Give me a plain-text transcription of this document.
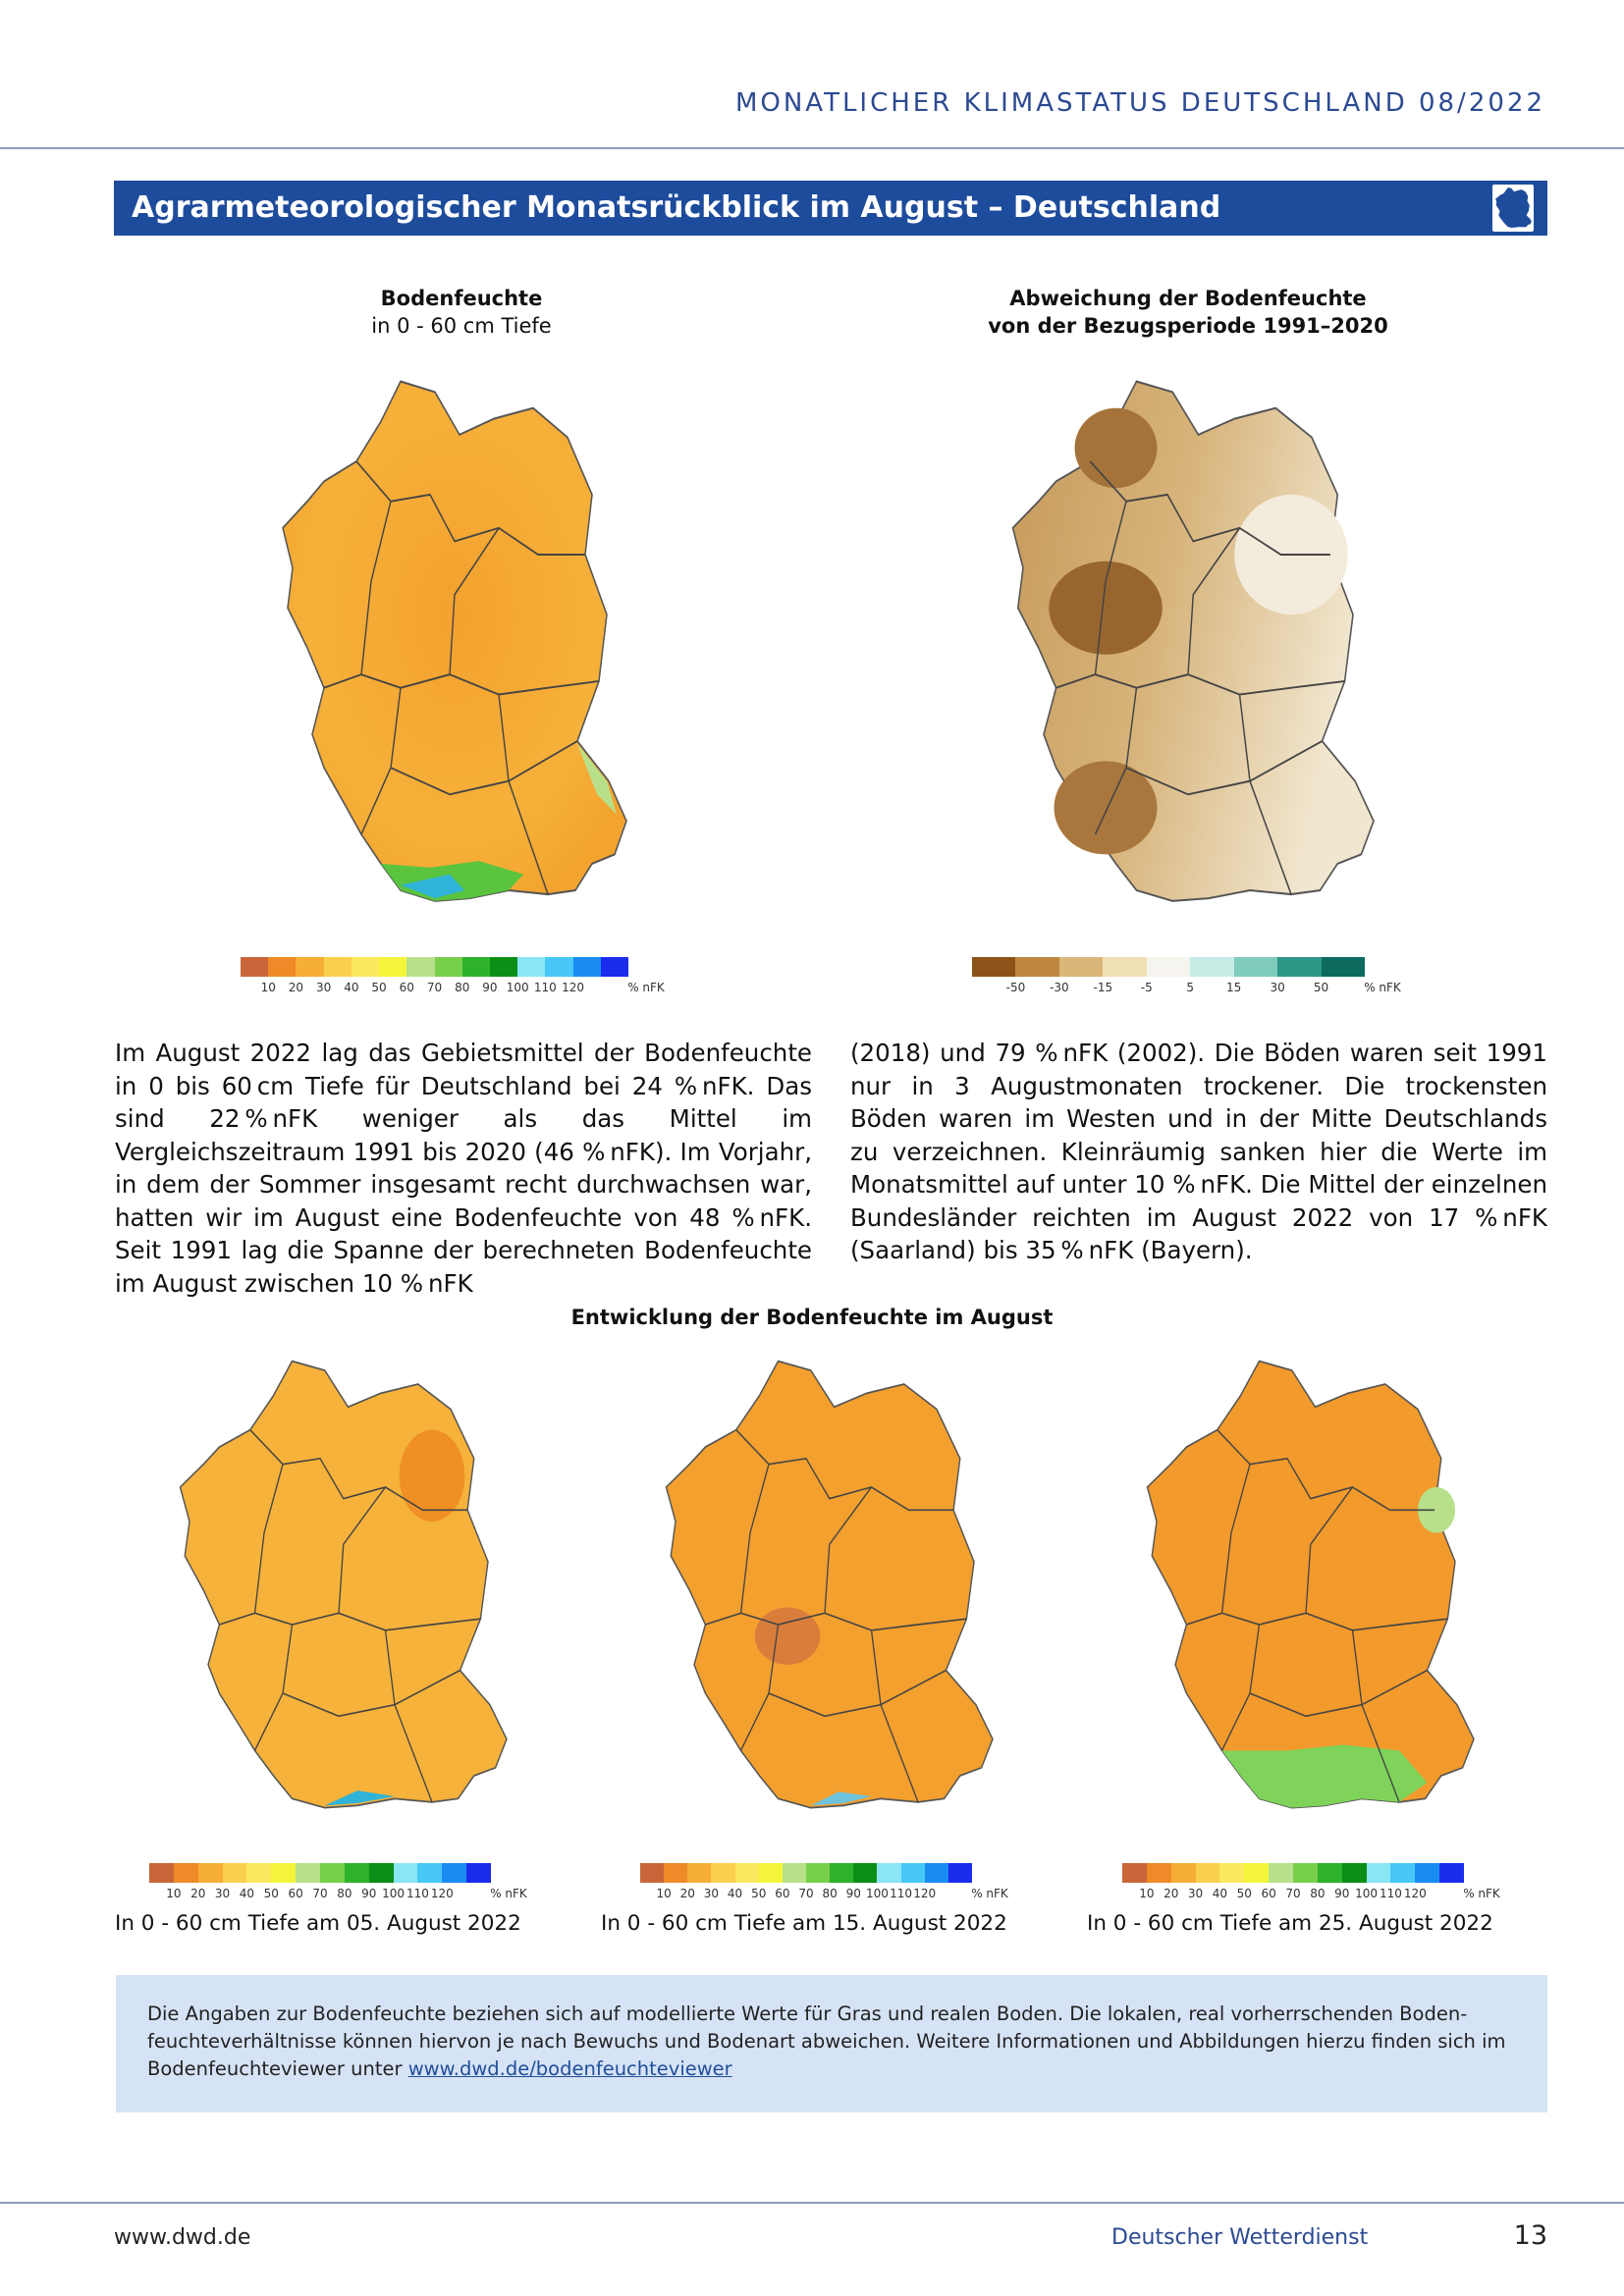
MONATLICHER KLIMASTATUS DEUTSCHLAND 08/2022
Agrarmeteorologischer Monatsrückblick im August – Deutschland
Bodenfeuchte
in 0 - 60 cm Tiefe
Abweichung der Bodenfeuchte
von der Bezugsperiode 1991–2020
10 20 30 40 50 60 70 80 90 100 110 120	% nFK	-50 -30 -15 -5	5	15 30 50	% nFK

Im August 2022 lag das Gebietsmittel der Bodenfeuchte in 0 bis 60 cm Tiefe für Deutschland bei 24 % nFK. Das sind 22 % nFK weniger als das Mittel im Vergleichszeitraum 1991 bis 2020 (46 % nFK). Im Vorjahr, in dem der Sommer insgesamt recht durchwachsen war, hatten wir im August eine Bodenfeuchte von 48 % nFK. Seit 1991 lag die Spanne der berechneten Bodenfeuchte im August zwischen 10 % nFK

(2018) und 79 % nFK (2002). Die Böden waren seit 1991 nur in 3 Augustmonaten trockener. Die trockensten Böden waren im Westen und in der Mitte Deutschlands zu verzeichnen. Kleinräumig sanken hier die Werte im Monatsmittel auf unter 10 % nFK. Die Mittel der einzelnen Bundesländer reichten im August 2022 von 17 % nFK (Saarland) bis 35 % nFK (Bayern).

Entwicklung der Bodenfeuchte im August
10 20 30 40 50 60 70 80 90 100 110 120	% nFK	10 20 30 40 50 60 70 80 90 100 110 120	% nFK	10 20 30 40 50 60 70 80 90 100 110 120	% nFK
In 0 - 60 cm Tiefe am 05. August 2022	In 0 - 60 cm Tiefe am 15. August 2022	In 0 - 60 cm Tiefe am 25. August 2022
Die Angaben zur Bodenfeuchte beziehen sich auf modellierte Werte für Gras und realen Boden. Die lokalen, real vorherrschenden Bodenfeuchteverhältnisse können hiervon je nach Bewuchs und Bodenart abweichen. Weitere Informationen und Abbildungen hierzu finden sich im Bodenfeuchteviewer unter www.dwd.de/bodenfeuchteviewer
www.dwd.de	Deutscher Wetterdienst	13
